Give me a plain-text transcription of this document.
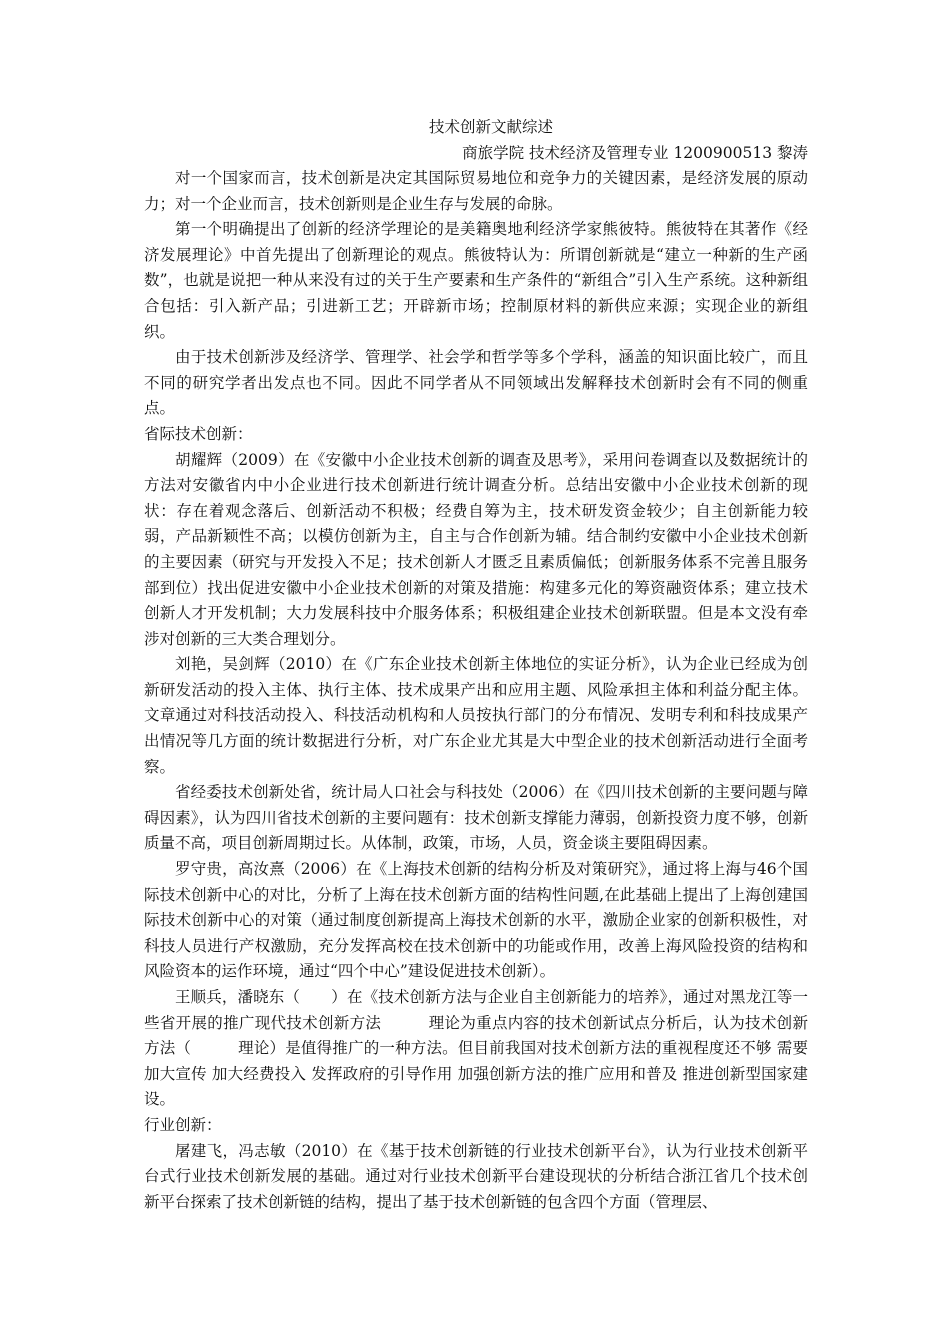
技术创新文献综述
商旅学院 技术经济及管理专业 1200900513 黎涛

对一个国家而言，技术创新是决定其国际贸易地位和竞争力的关键因素，是经济发展的原动力；对一个企业而言，技术创新则是企业生存与发展的命脉。

第一个明确提出了创新的经济学理论的是美籍奥地利经济学家熊彼特。熊彼特在其著作《经济发展理论》中首先提出了创新理论的观点。熊彼特认为：所谓创新就是“建立一种新的生产函数”，也就是说把一种从来没有过的关于生产要素和生产条件的“新组合”引入生产系统。这种新组合包括：引入新产品；引进新工艺；开辟新市场；控制原材料的新供应来源；实现企业的新组织。

由于技术创新涉及经济学、管理学、社会学和哲学等多个学科，涵盖的知识面比较广，而且不同的研究学者出发点也不同。因此不同学者从不同领域出发解释技术创新时会有不同的侧重点。

省际技术创新：

胡耀辉（2009）在《安徽中小企业技术创新的调查及思考》，采用问卷调查以及数据统计的方法对安徽省内中小企业进行技术创新进行统计调查分析。总结出安徽中小企业技术创新的现状：存在着观念落后、创新活动不积极；经费自筹为主，技术研发资金较少；自主创新能力较弱，产品新颖性不高；以模仿创新为主，自主与合作创新为辅。结合制约安徽中小企业技术创新的主要因素（研究与开发投入不足；技术创新人才匮乏且素质偏低；创新服务体系不完善且服务部到位）找出促进安徽中小企业技术创新的对策及措施：构建多元化的筹资融资体系；建立技术创新人才开发机制；大力发展科技中介服务体系；积极组建企业技术创新联盟。但是本文没有牵涉对创新的三大类合理划分。

刘艳，吴剑辉（2010）在《广东企业技术创新主体地位的实证分析》，认为企业已经成为创新研发活动的投入主体、执行主体、技术成果产出和应用主题、风险承担主体和利益分配主体。文章通过对科技活动投入、科技活动机构和人员按执行部门的分布情况、发明专利和科技成果产出情况等几方面的统计数据进行分析，对广东企业尤其是大中型企业的技术创新活动进行全面考察。

省经委技术创新处省，统计局人口社会与科技处（2006）在《四川技术创新的主要问题与障碍因素》，认为四川省技术创新的主要问题有：技术创新支撑能力薄弱，创新投资力度不够，创新质量不高，项目创新周期过长。从体制，政策，市场，人员，资金谈主要阻碍因素。

罗守贵，高汝熹（2006）在《上海技术创新的结构分析及对策研究》，通过将上海与46个国际技术创新中心的对比，分析了上海在技术创新方面的结构性问题,在此基础上提出了上海创建国际技术创新中心的对策（通过制度创新提高上海技术创新的水平，激励企业家的创新积极性，对科技人员进行产权激励，充分发挥高校在技术创新中的功能或作用，改善上海风险投资的结构和风险资本的运作环境，通过“四个中心”建设促进技术创新）。

王顺兵，潘晓东（　　）在《技术创新方法与企业自主创新能力的培养》，通过对黑龙江等一些省开展的推广现代技术创新方法　　　理论为重点内容的技术创新试点分析后，认为技术创新方法（　　　理论）是值得推广的一种方法。但目前我国对技术创新方法的重视程度还不够 需要加大宣传 加大经费投入 发挥政府的引导作用 加强创新方法的推广应用和普及 推进创新型国家建设。

行业创新：

屠建飞，冯志敏（2010）在《基于技术创新链的行业技术创新平台》，认为行业技术创新平台式行业技术创新发展的基础。通过对行业技术创新平台建设现状的分析结合浙江省几个技术创新平台探索了技术创新链的结构，提出了基于技术创新链的包含四个方面（管理层、
